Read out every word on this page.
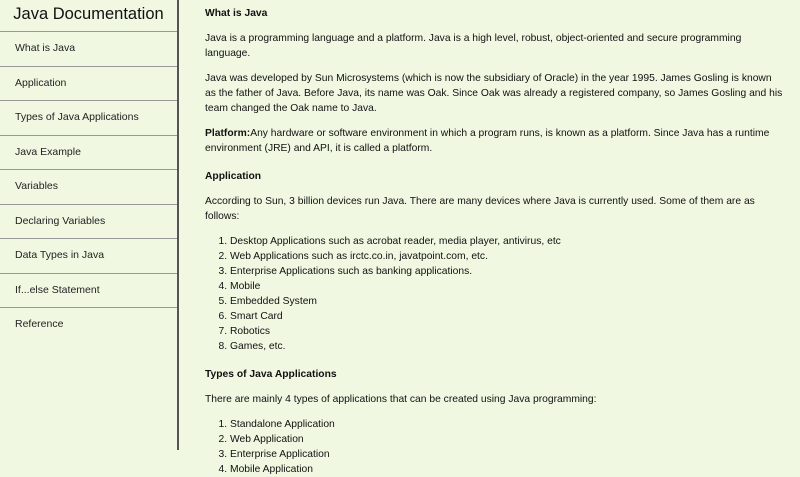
Java Documentation
What is Java
Application
Types of Java Applications
Java Example
Variables
Declaring Variables
Data Types in Java
If...else Statement
Reference
What is Java

Java is a programming language and a platform. Java is a high level, robust, object-oriented and secure programming language.

Java was developed by Sun Microsystems (which is now the subsidiary of Oracle) in the year 1995. James Gosling is known as the father of Java. Before Java, its name was Oak. Since Oak was already a registered company, so James Gosling and his team changed the Oak name to Java.

Platform:Any hardware or software environment in which a program runs, is known as a platform. Since Java has a runtime environment (JRE) and API, it is called a platform.

Application

According to Sun, 3 billion devices run Java. There are many devices where Java is currently used. Some of them are as follows:

1. Desktop Applications such as acrobat reader, media player, antivirus, etc
2. Web Applications such as irctc.co.in, javatpoint.com, etc.
3. Enterprise Applications such as banking applications.
4. Mobile
5. Embedded System
6. Smart Card
7. Robotics
8. Games, etc.
Types of Java Applications

There are mainly 4 types of applications that can be created using Java programming:

1. Standalone Application
2. Web Application
3. Enterprise Application
4. Mobile Application
